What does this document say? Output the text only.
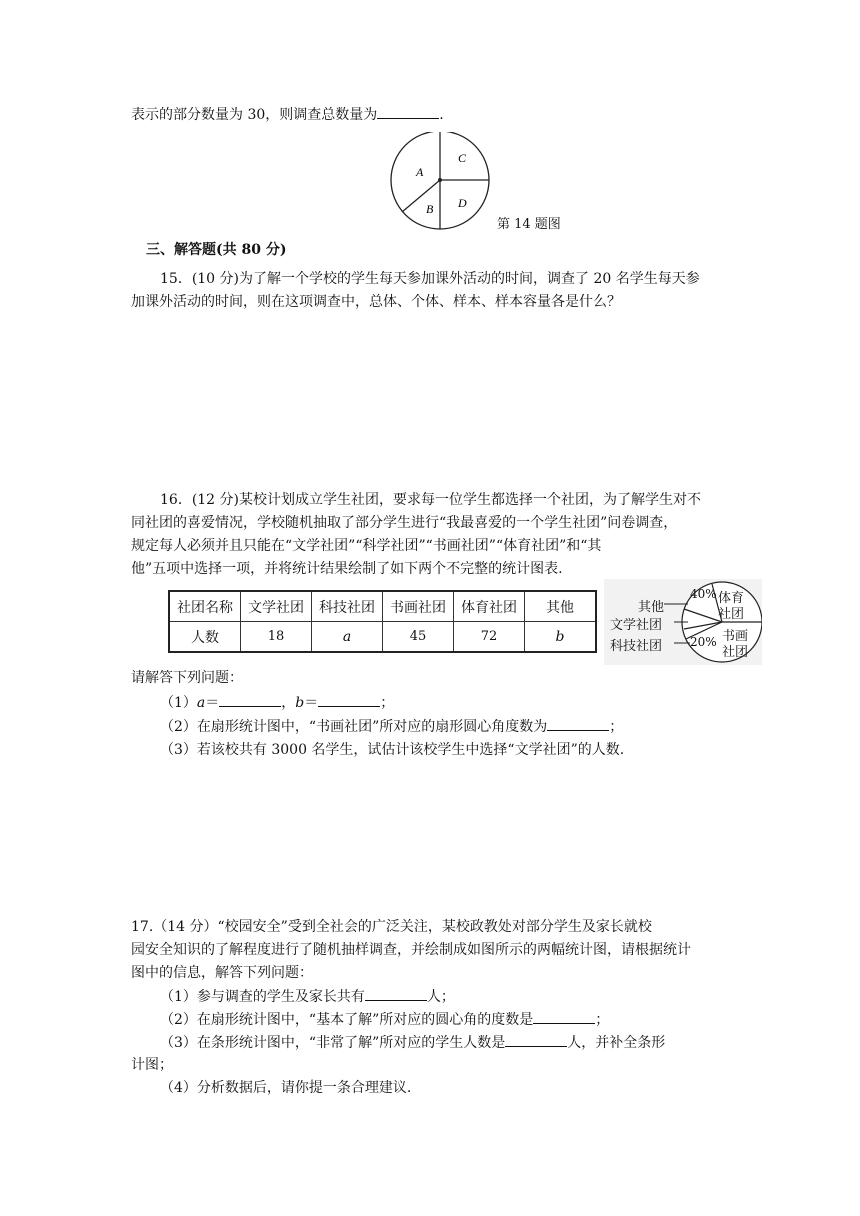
表示的部分数量为 30，则调查总数量为	.
A
B
C
D
第 14 题图
三、解答题(共 80 分)
15．(10 分)为了解一个学校的学生每天参加课外活动的时间，调查了 20 名学生每天参
加课外活动的时间，则在这项调查中，总体、个体、样本、样本容量各是什么？
16．(12 分)某校计划成立学生社团，要求每一位学生都选择一个社团，为了解学生对不
同社团的喜爱情况，学校随机抽取了部分学生进行“我最喜爱的一个学生社团”问卷调查，
规定每人必须并且只能在“文学社团”“科学社团”“书画社团”“体育社团”和“其
他”五项中选择一项，并将统计结果绘制了如下两个不完整的统计图表.
社团名称	文学社团	科技社团	书画社团	体育社团	其他
人数	18	a	45	72	b
其他
文学社团
科技社团
40% 体育
社团
20% 书画
社团
请解答下列问题：
（1）a＝	，b＝	；
（2）在扇形统计图中，“书画社团”所对应的扇形圆心角度数为	；
（3）若该校共有 3000 名学生，试估计该校学生中选择“文学社团”的人数.
17.（14 分）“校园安全”受到全社会的广泛关注，某校政教处对部分学生及家长就校
园安全知识的了解程度进行了随机抽样调查，并绘制成如图所示的两幅统计图，请根据统计
图中的信息，解答下列问题：
（1）参与调查的学生及家长共有	人；
（2）在扇形统计图中，“基本了解”所对应的圆心角的度数是	；
（3）在条形统计图中，“非常了解”所对应的学生人数是	人，并补全条形
计图；
（4）分析数据后，请你提一条合理建议.
